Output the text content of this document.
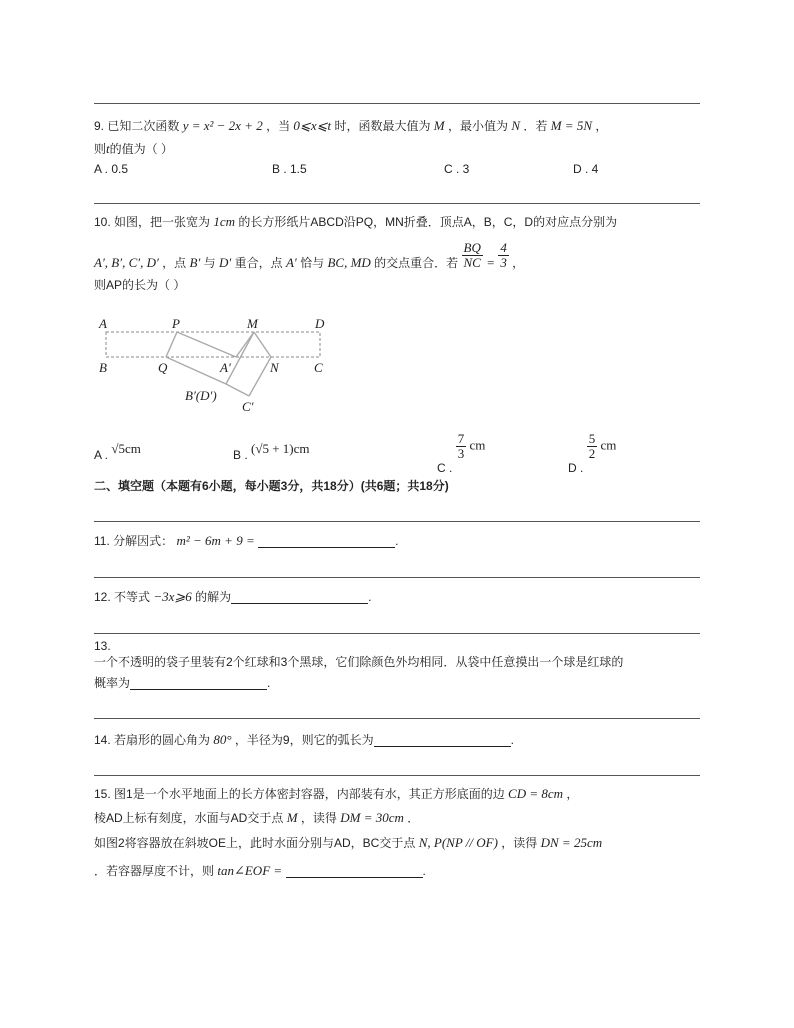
9. 已知二次函数 y = x² − 2x + 2 ，当 0⩽x⩽t 时，函数最大值为 M ，最小值为 N ．若 M = 5N ，
则t的值为（ ）
A . 0.5	B . 1.5	C . 3	D . 4
10. 如图，把一张宽为 1cm 的长方形纸片ABCD沿PQ，MN折叠．顶点A，B，C，D的对应点分别为
A′, B′, C′, D′ ，点 B′ 与 D′ 重合，点 A′ 恰与 BC, MD 的交点重合．若 $\frac{BQ}{NC} = \frac{4}{3}$ ，
则AP的长为（ ）
A	P	M	D
B	Q	A′	N	C
B′(D′)
C′
A . √5cm	B . (√5 + 1)cm
C .
$\frac{7}{3}$ cm
D .
$\frac{5}{2}$ cm
二、填空题（本题有6小题，每小题3分，共18分）(共6题；共18分)
11. 分解因式： m² − 6m + 9 =	.
12. 不等式 −3x⩾6 的解为	.
13.
一个不透明的袋子里装有2个红球和3个黑球，它们除颜色外均相同．从袋中任意摸出一个球是红球的
概率为	.
14. 若扇形的圆心角为 80° ，半径为9，则它的弧长为	.
15. 图1是一个水平地面上的长方体密封容器，内部装有水，其正方形底面的边 CD = 8cm ，
棱AD上标有刻度，水面与AD交于点 M ，读得 DM = 30cm ．
如图2将容器放在斜坡OE上，此时水面分别与AD，BC交于点 N, P(NP // OF) ，读得 DN = 25cm
．若容器厚度不计，则 tan∠EOF =	.
